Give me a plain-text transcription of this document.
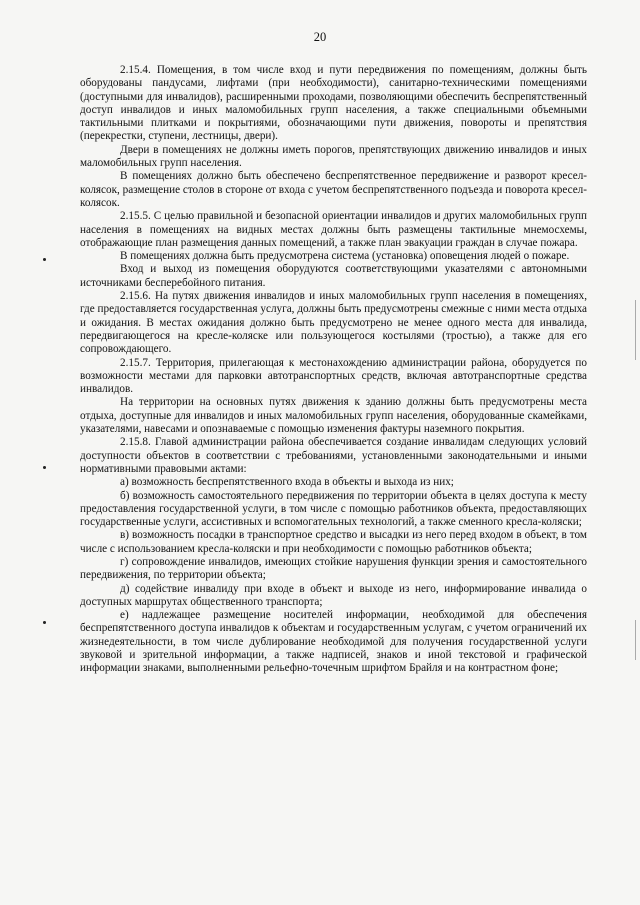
20

2.15.4. Помещения, в том числе вход и пути передвижения по помещениям, должны быть оборудованы пандусами, лифтами (при необходимости), санитарно-техническими помещениями (доступными для инвалидов), расширенными проходами, позволяющими обеспечить беспрепятственный доступ инвалидов и иных маломобильных групп населения, а также специальными объемными тактильными плитками и покрытиями, обозначающими пути движения, повороты и препятствия (перекрестки, ступени, лестницы, двери).

Двери в помещениях не должны иметь порогов, препятствующих движению инвалидов и иных маломобильных групп населения.

В помещениях должно быть обеспечено беспрепятственное передвижение и разворот кресел-колясок, размещение столов в стороне от входа с учетом беспрепятственного подъезда и поворота кресел-колясок.

2.15.5. С целью правильной и безопасной ориентации инвалидов и других маломобильных групп населения в помещениях на видных местах должны быть размещены тактильные мнемосхемы, отображающие план размещения данных помещений, а также план эвакуации граждан в случае пожара.

В помещениях должна быть предусмотрена система (установка) оповещения людей о пожаре.

Вход и выход из помещения оборудуются соответствующими указателями с автономными источниками бесперебойного питания.

2.15.6. На путях движения инвалидов и иных маломобильных групп населения в помещениях, где предоставляется государственная услуга, должны быть предусмотрены смежные с ними места отдыха и ожидания. В местах ожидания должно быть предусмотрено не менее одного места для инвалида, передвигающегося на кресле-коляске или пользующегося костылями (тростью), а также для его сопровождающего.

2.15.7. Территория, прилегающая к местонахождению администрации района, оборудуется по возможности местами для парковки автотранспортных средств, включая автотранспортные средства инвалидов.

На территории на основных путях движения к зданию должны быть предусмотрены места отдыха, доступные для инвалидов и иных маломобильных групп населения, оборудованные скамейками, указателями, навесами и опознаваемые с помощью изменения фактуры наземного покрытия.

2.15.8. Главой администрации района обеспечивается создание инвалидам следующих условий доступности объектов в соответствии с требованиями, установленными законодательными и иными нормативными правовыми актами:

а) возможность беспрепятственного входа в объекты и выхода из них;

б) возможность самостоятельного передвижения по территории объекта в целях доступа к месту предоставления государственной услуги, в том числе с помощью работников объекта, предоставляющих государственные услуги, ассистивных и вспомогательных технологий, а также сменного кресла-коляски;

в) возможность посадки в транспортное средство и высадки из него перед входом в объект, в том числе с использованием кресла-коляски и при необходимости с помощью работников объекта;

г) сопровождение инвалидов, имеющих стойкие нарушения функции зрения и самостоятельного передвижения, по территории объекта;

д) содействие инвалиду при входе в объект и выходе из него, информирование инвалида о доступных маршрутах общественного транспорта;

е) надлежащее размещение носителей информации, необходимой для обеспечения беспрепятственного доступа инвалидов к объектам и государственным услугам, с учетом ограничений их жизнедеятельности, в том числе дублирование необходимой для получения государственной услуги звуковой и зрительной информации, а также надписей, знаков и иной текстовой и графической информации знаками, выполненными рельефно-точечным шрифтом Брайля и на контрастном фоне;
